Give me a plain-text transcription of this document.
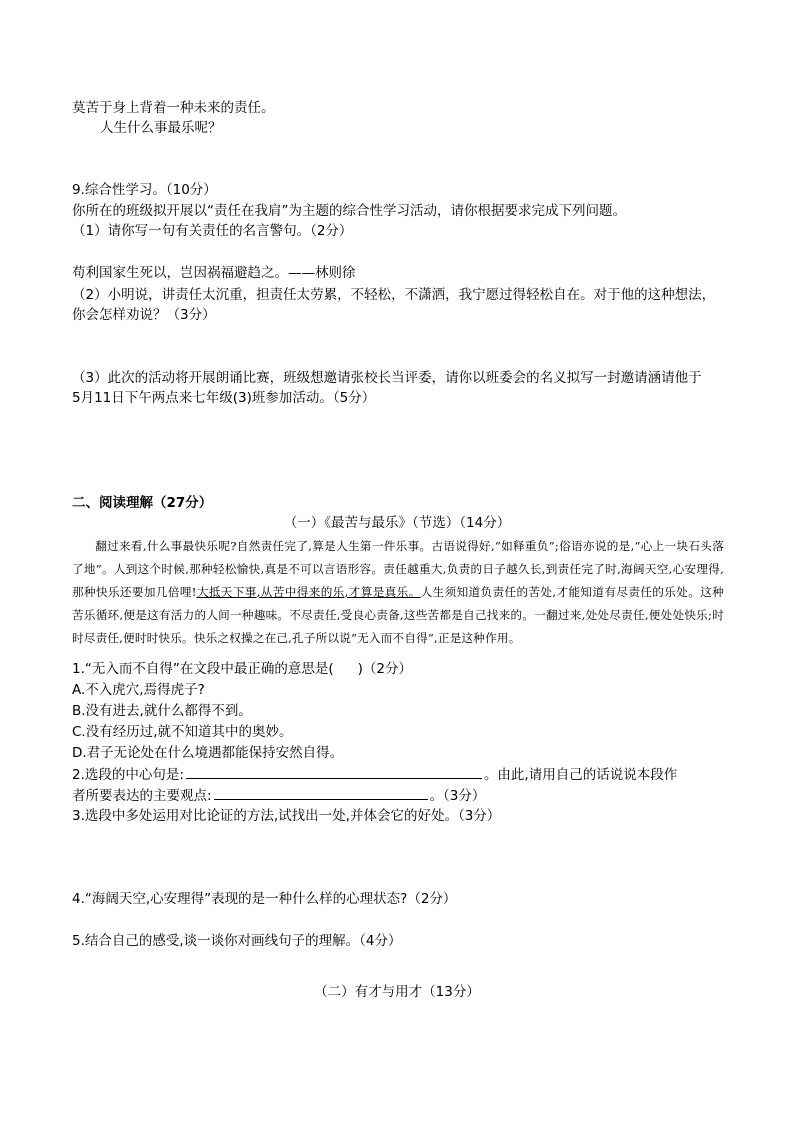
莫苦于身上背着一种未来的责任。
人生什么事最乐呢？
9.综合性学习。（10分）
你所在的班级拟开展以“责任在我肩”为主题的综合性学习活动，请你根据要求完成下列问题。
（1）请你写一句有关责任的名言警句。（2分）
苟利国家生死以，岂因祸福避趋之。——林则徐
（2）小明说，讲责任太沉重，担责任太劳累，不轻松，不潇洒，我宁愿过得轻松自在。对于他的这种想法，
你会怎样劝说？（3分）
（3）此次的活动将开展朗诵比赛，班级想邀请张校长当评委，请你以班委会的名义拟写一封邀请涵请他于
5月11日下午两点来七年级(3)班参加活动。（5分）
二、阅读理解（27分）
（一）《最苦与最乐》（节选）（14分）
翻过来看,什么事最快乐呢?自然责任完了,算是人生第一件乐事。古语说得好,“如释重负”;俗语亦说的是,“心上一块石头落了地”。人到这个时候,那种轻松愉快,真是不可以言语形容。责任越重大,负责的日子越久长,到责任完了时,海阔天空,心安理得,那种快乐还要加几倍哩!大抵天下事,从苦中得来的乐,才算是真乐。人生须知道负责任的苦处,才能知道有尽责任的乐处。这种苦乐循环,便是这有活力的人间一种趣味。不尽责任,受良心责备,这些苦都是自己找来的。一翻过来,处处尽责任,便处处快乐;时时尽责任,便时时快乐。快乐之权操之在己,孔子所以说“无入而不自得”,正是这种作用。
1.“无入而不自得”在文段中最正确的意思是( )（2分）
A.不入虎穴,焉得虎子?
B.没有进去,就什么都得不到。
C.没有经历过,就不知道其中的奥妙。
D.君子无论处在什么境遇都能保持安然自得。
2.选段的中心句是:	。由此,请用自己的话说说本段作
者所要表达的主要观点:	。（3分）
3.选段中多处运用对比论证的方法,试找出一处,并体会它的好处。（3分）
4.“海阔天空,心安理得”表现的是一种什么样的心理状态?（2分）
5.结合自己的感受,谈一谈你对画线句子的理解。（4分）
（二）有才与用才（13分）
